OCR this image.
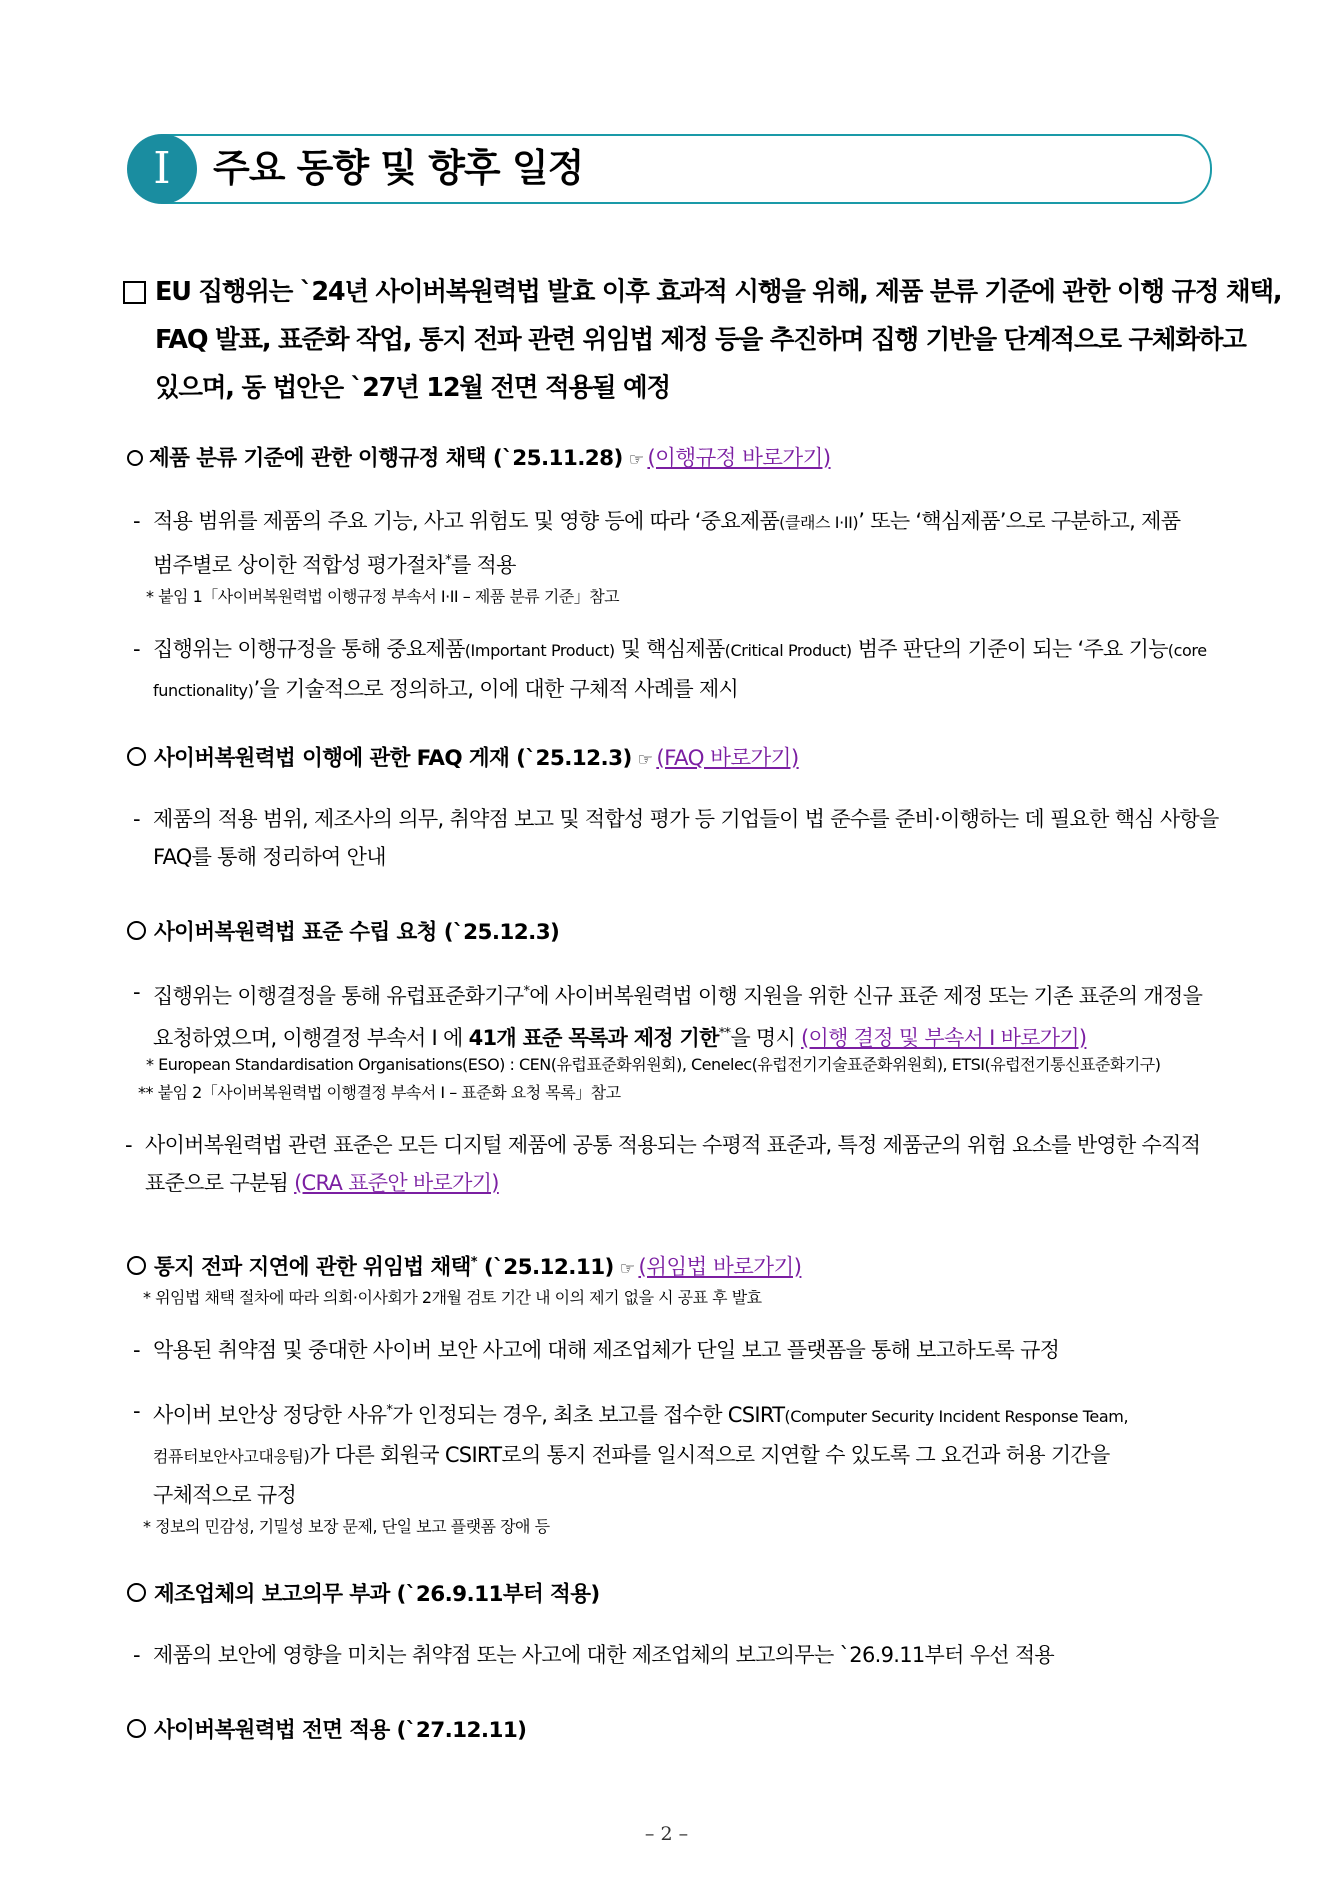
I	주요 동향 및 향후 일정
EU 집행위는 `24년 사이버복원력법 발효 이후 효과적 시행을 위해, 제품 분류 기준에 관한 이행 규정 채택,
FAQ 발표, 표준화 작업, 통지 전파 관련 위임법 제정 등을 추진하며 집행 기반을 단계적으로 구체화하고
있으며, 동 법안은 `27년 12월 전면 적용될 예정
제품 분류 기준에 관한 이행규정 채택 (`25.11.28) ☞ (이행규정 바로가기)
- 적용 범위를 제품의 주요 기능, 사고 위험도 및 영향 등에 따라 ‘중요제품(클래스 I·II)’ 또는 ‘핵심제품’으로 구분하고, 제품
범주별로 상이한 적합성 평가절차*를 적용
* 붙임 1「사이버복원력법 이행규정 부속서 I·II – 제품 분류 기준」참고
- 집행위는 이행규정을 통해 중요제품(Important Product) 및 핵심제품(Critical Product) 범주 판단의 기준이 되는 ‘주요 기능(core
functionality)’을 기술적으로 정의하고, 이에 대한 구체적 사례를 제시
사이버복원력법 이행에 관한 FAQ 게재 (`25.12.3) ☞ (FAQ 바로가기)
- 제품의 적용 범위, 제조사의 의무, 취약점 보고 및 적합성 평가 등 기업들이 법 준수를 준비·이행하는 데 필요한 핵심 사항을
FAQ를 통해 정리하여 안내
사이버복원력법 표준 수립 요청 (`25.12.3)
- 집행위는 이행결정을 통해 유럽표준화기구*에 사이버복원력법 이행 지원을 위한 신규 표준 제정 또는 기존 표준의 개정을
요청하였으며, 이행결정 부속서 I 에 41개 표준 목록과 제정 기한**을 명시 (이행 결정 및 부속서 I 바로가기)
* European Standardisation Organisations(ESO) : CEN(유럽표준화위원회), Cenelec(유럽전기기술표준화위원회), ETSI(유럽전기통신표준화기구)
** 붙임 2「사이버복원력법 이행결정 부속서 I – 표준화 요청 목록」참고
- 사이버복원력법 관련 표준은 모든 디지털 제품에 공통 적용되는 수평적 표준과, 특정 제품군의 위험 요소를 반영한 수직적
표준으로 구분됨 (CRA 표준안 바로가기)
통지 전파 지연에 관한 위임법 채택* (`25.12.11) ☞ (위임법 바로가기)
* 위임법 채택 절차에 따라 의회·이사회가 2개월 검토 기간 내 이의 제기 없을 시 공표 후 발효
- 악용된 취약점 및 중대한 사이버 보안 사고에 대해 제조업체가 단일 보고 플랫폼을 통해 보고하도록 규정
- 사이버 보안상 정당한 사유*가 인정되는 경우, 최초 보고를 접수한 CSIRT(Computer Security Incident Response Team,
컴퓨터보안사고대응팀)가 다른 회원국 CSIRT로의 통지 전파를 일시적으로 지연할 수 있도록 그 요건과 허용 기간을
구체적으로 규정
* 정보의 민감성, 기밀성 보장 문제, 단일 보고 플랫폼 장애 등
제조업체의 보고의무 부과 (`26.9.11부터 적용)
- 제품의 보안에 영향을 미치는 취약점 또는 사고에 대한 제조업체의 보고의무는 `26.9.11부터 우선 적용
사이버복원력법 전면 적용 (`27.12.11)
– 2 –
